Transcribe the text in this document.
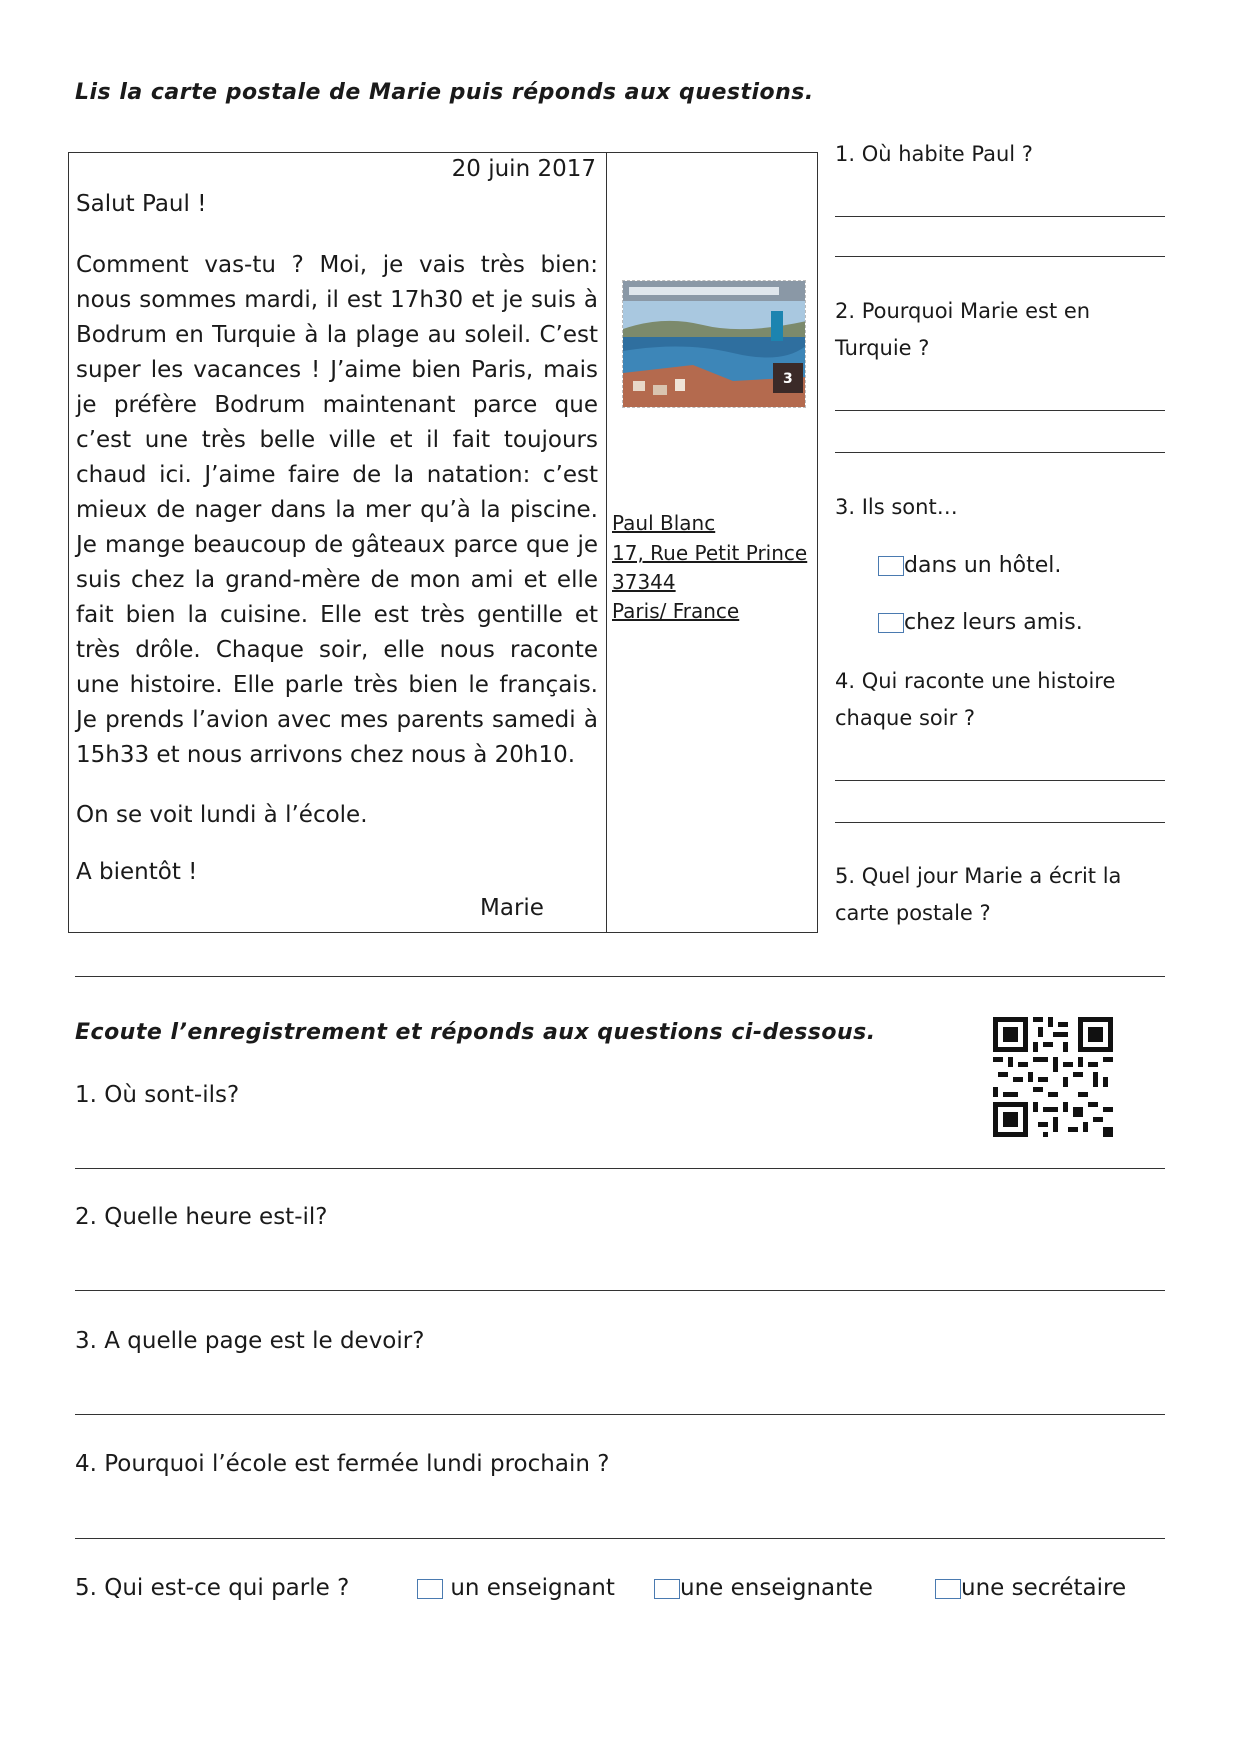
Lis la carte postale de Marie puis réponds aux questions.
20 juin 2017
Salut Paul !

Comment vas-tu ? Moi, je vais très bien: nous sommes mardi, il est 17h30 et je suis à Bodrum en Turquie à la plage au soleil. C’est super les vacances ! J’aime bien Paris, mais je préfère Bodrum maintenant parce que c’est une très belle ville et il fait toujours chaud ici. J’aime faire de la natation: c’est mieux de nager dans la mer qu’à la piscine. Je mange beaucoup de gâteaux parce que je suis chez la grand-mère de mon ami et elle fait bien la cuisine. Elle est très gentille et très drôle. Chaque soir, elle nous raconte une histoire. Elle parle très bien le français. Je prends l’avion avec mes parents samedi à 15h33 et nous arrivons chez nous à 20h10.

On se voit lundi à l’école.
A bientôt !
Marie
3
Paul Blanc
17, Rue Petit Prince
37344
Paris/ France
1. Où habite Paul ?
2. Pourquoi Marie est en Turquie ?
3. Ils sont…
dans un hôtel.
chez leurs amis.
4. Qui raconte une histoire chaque soir ?
5. Quel jour Marie a écrit la carte postale ?
Ecoute l’enregistrement et réponds aux questions ci-dessous.
1. Où sont-ils?
2. Quelle heure est-il?
3. A quelle page est le devoir?
4. Pourquoi l’école est fermée lundi prochain ?
5. Qui est-ce qui parle ?	un enseignant	une enseignante	une secrétaire
